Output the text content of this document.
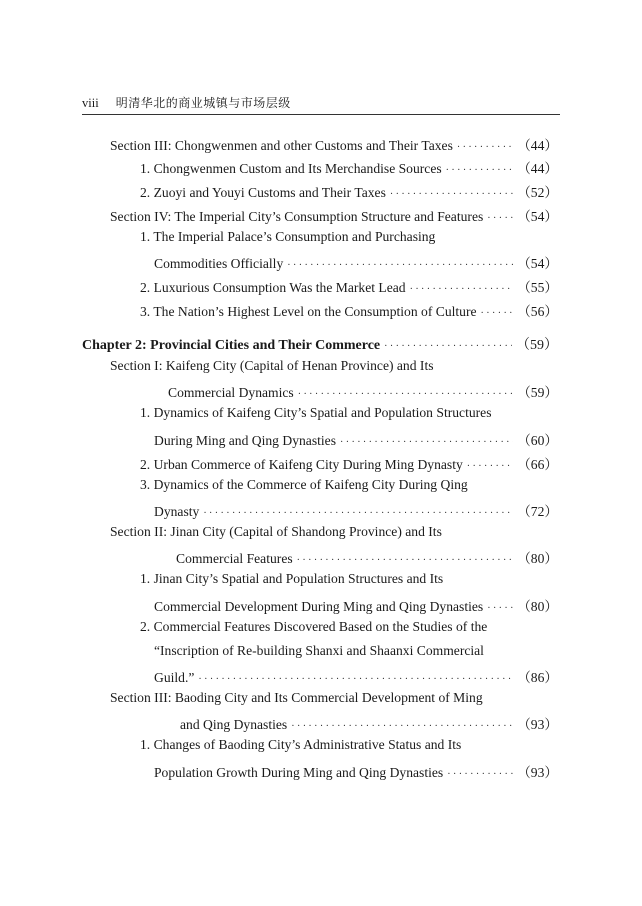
viii 明清华北的商业城镇与市场层级
Section III: Chongwenmen and other Customs and Their Taxes ·····	（44）
1. Chongwenmen Custom and Its Merchandise Sources ·····	（44）
2. Zuoyi and Youyi Customs and Their Taxes ·····	（52）
Section IV: The Imperial City’s Consumption Structure and Features ····· （54）
1. The Imperial Palace’s Consumption and Purchasing
Commodities Officially ·····	（54）
2. Luxurious Consumption Was the Market Lead ·····	（55）
3. The Nation’s Highest Level on the Consumption of Culture ·····	（56）
Chapter 2: Provincial Cities and Their Commerce ·····	（59）
Section I: Kaifeng City (Capital of Henan Province) and Its
Commercial Dynamics ·····	（59）
1. Dynamics of Kaifeng City’s Spatial and Population Structures
During Ming and Qing Dynasties ·····	（60）
2. Urban Commerce of Kaifeng City During Ming Dynasty ·····	（66）
3. Dynamics of the Commerce of Kaifeng City During Qing
Dynasty ·····	（72）
Section II: Jinan City (Capital of Shandong Province) and Its
Commercial Features ·····	（80）
1. Jinan City’s Spatial and Population Structures and Its
Commercial Development During Ming and Qing Dynasties ·····	（80）
2. Commercial Features Discovered Based on the Studies of the
“Inscription of Re-building Shanxi and Shaanxi Commercial
Guild.” ·····	（86）
Section III: Baoding City and Its Commercial Development of Ming
and Qing Dynasties ·····	（93）
1. Changes of Baoding City’s Administrative Status and Its
Population Growth During Ming and Qing Dynasties ·····	（93）
